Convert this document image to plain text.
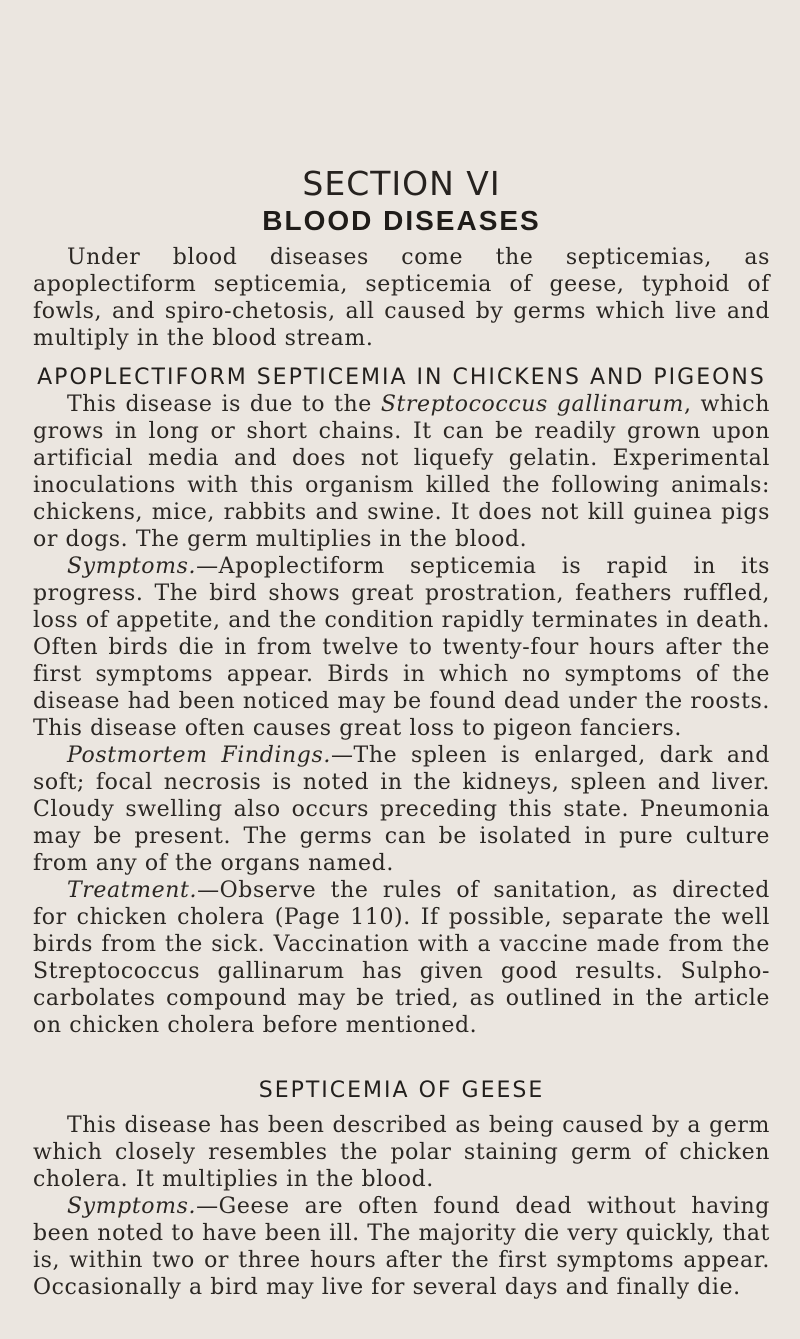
SECTION VI
BLOOD DISEASES

Under blood diseases come the septicemias, as apoplectiform septicemia, septicemia of geese, typhoid of fowls, and spiro-chetosis, all caused by germs which live and multiply in the blood stream.

APOPLECTIFORM SEPTICEMIA IN CHICKENS AND PIGEONS

This disease is due to the Streptococcus gallinarum, which grows in long or short chains. It can be readily grown upon artificial media and does not liquefy gelatin. Experimental inoculations with this organism killed the following animals: chickens, mice, rabbits and swine. It does not kill guinea pigs or dogs. The germ multiplies in the blood.

Symptoms.—Apoplectiform septicemia is rapid in its progress. The bird shows great prostration, feathers ruffled, loss of appetite, and the condition rapidly terminates in death. Often birds die in from twelve to twenty-four hours after the first symptoms appear. Birds in which no symptoms of the disease had been noticed may be found dead under the roosts. This disease often causes great loss to pigeon fanciers.

Postmortem Findings.—The spleen is enlarged, dark and soft; focal necrosis is noted in the kidneys, spleen and liver. Cloudy swelling also occurs preceding this state. Pneumonia may be present. The germs can be isolated in pure culture from any of the organs named.

Treatment.—Observe the rules of sanitation, as directed for chicken cholera (Page 110). If possible, separate the well birds from the sick. Vaccination with a vaccine made from the Streptococcus gallinarum has given good results. Sulpho-carbolates compound may be tried, as outlined in the article on chicken cholera before mentioned.

SEPTICEMIA OF GEESE

This disease has been described as being caused by a germ which closely resembles the polar staining germ of chicken cholera. It multiplies in the blood.

Symptoms.—Geese are often found dead without having been noted to have been ill. The majority die very quickly, that is, within two or three hours after the first symptoms appear. Occasionally a bird may live for several days and finally die.
